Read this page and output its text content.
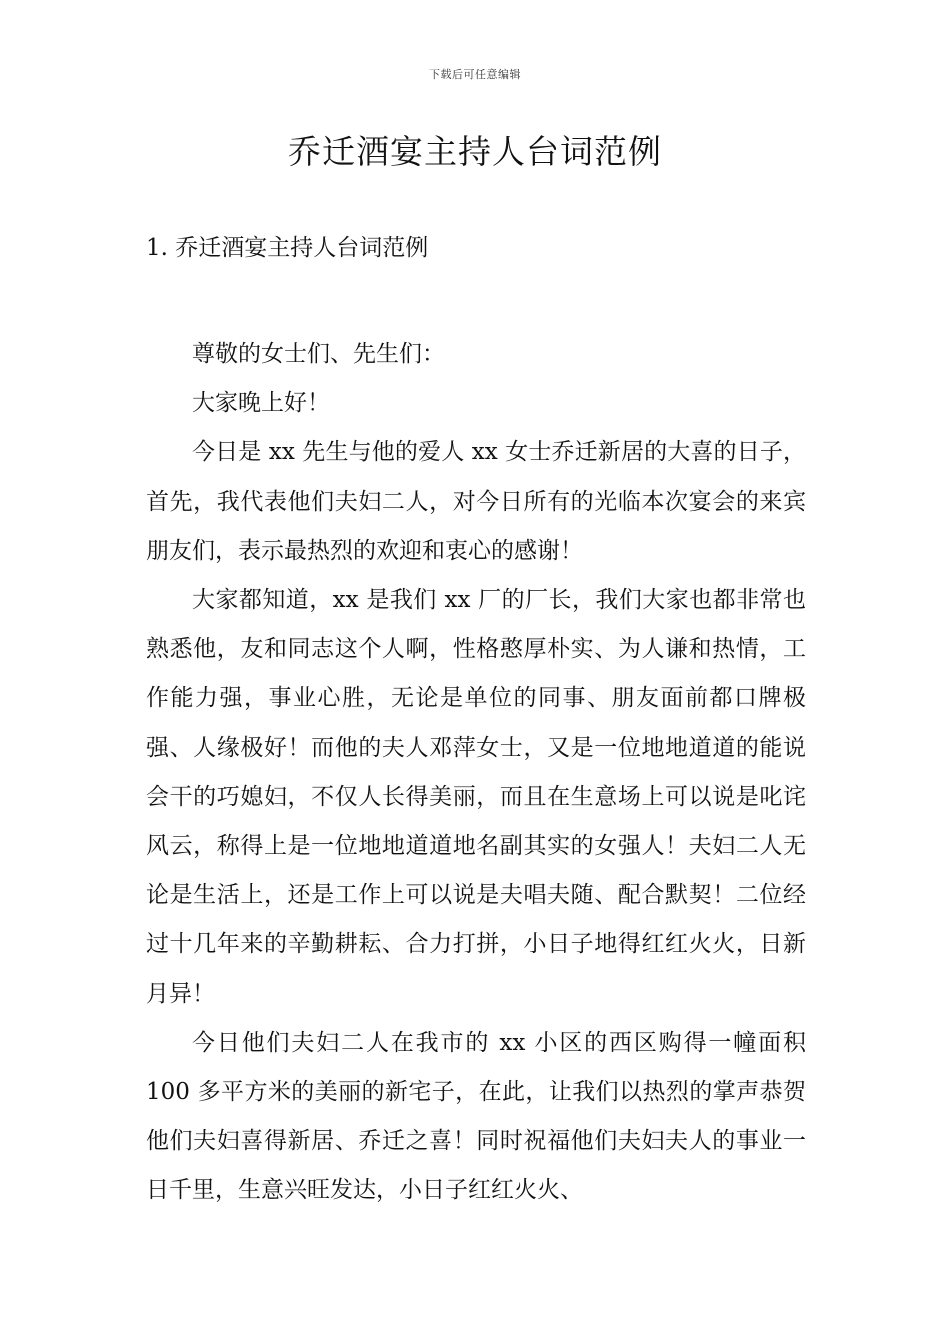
下载后可任意编辑
乔迁酒宴主持人台词范例
1. 乔迁酒宴主持人台词范例

尊敬的女士们、先生们：

大家晚上好！

今日是 xx 先生与他的爱人 xx 女士乔迁新居的大喜的日子，首先，我代表他们夫妇二人，对今日所有的光临本次宴会的来宾朋友们，表示最热烈的欢迎和衷心的感谢！

大家都知道，xx 是我们 xx 厂的厂长，我们大家也都非常也熟悉他，友和同志这个人啊，性格憨厚朴实、为人谦和热情，工作能力强，事业心胜，无论是单位的同事、朋友面前都口牌极强、人缘极好！而他的夫人邓萍女士，又是一位地地道道的能说会干的巧媳妇，不仅人长得美丽，而且在生意场上可以说是叱诧风云，称得上是一位地地道道地名副其实的女强人！夫妇二人无论是生活上，还是工作上可以说是夫唱夫随、配合默契！二位经过十几年来的辛勤耕耘、合力打拼，小日子地得红红火火，日新月异！

今日他们夫妇二人在我市的 xx 小区的西区购得一幢面积 100 多平方米的美丽的新宅子，在此，让我们以热烈的掌声恭贺他们夫妇喜得新居、乔迁之喜！同时祝福他们夫妇夫人的事业一日千里，生意兴旺发达，小日子红红火火、
